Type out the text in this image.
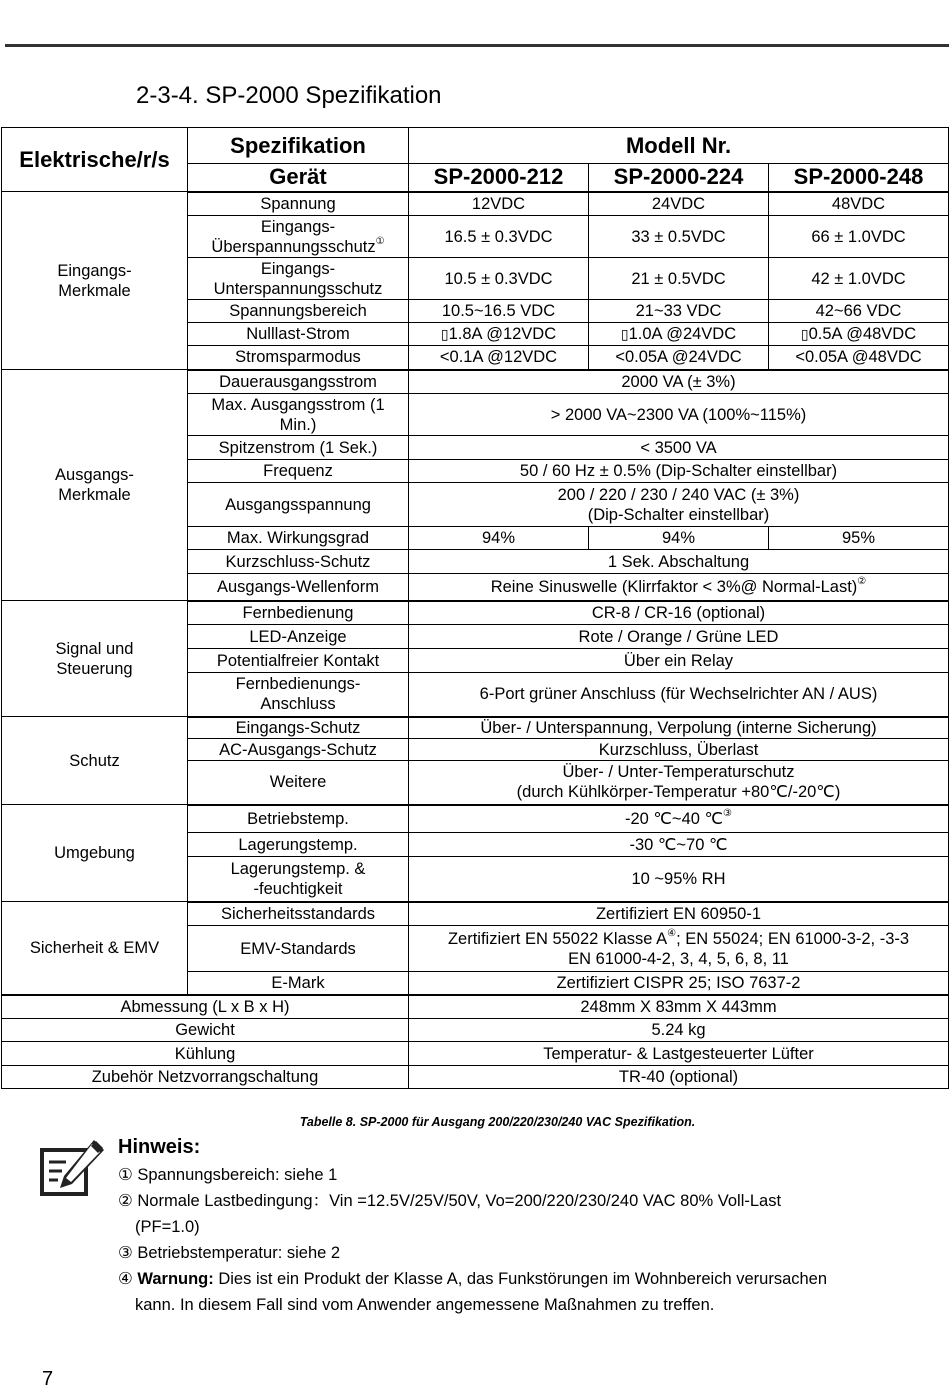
2-3-4. SP-2000 Spezifikation
Elektrische/r/s	Spezifikation	Modell Nr.		
	Gerät	SP-2000-212	SP-2000-224	SP-2000-248
Eingangs-
Merkmale	Spannung	12VDC	24VDC	48VDC
	Eingangs-
Überspannungsschutz①	16.5 ± 0.3VDC	33 ± 0.5VDC	66 ± 1.0VDC
	Eingangs-
Unterspannungsschutz	10.5 ± 0.3VDC	21 ± 0.5VDC	42 ± 1.0VDC
	Spannungsbereich	10.5~16.5 VDC	21~33 VDC	42~66 VDC
	Nulllast-Strom	▯1.8A @12VDC	▯1.0A @24VDC	▯0.5A @48VDC
	Stromsparmodus	<0.1A @12VDC	<0.05A @24VDC	<0.05A @48VDC
Ausgangs-
Merkmale	Dauerausgangsstrom	2000 VA (± 3%)		
	Max. Ausgangsstrom (1
Min.)	> 2000 VA~2300 VA (100%~115%)		
	Spitzenstrom (1 Sek.)	< 3500 VA		
	Frequenz	50 / 60 Hz ± 0.5% (Dip-Schalter einstellbar)		
	Ausgangsspannung	200 / 220 / 230 / 240 VAC (± 3%)
(Dip-Schalter einstellbar)		
	Max. Wirkungsgrad	94%	94%	95%
	Kurzschluss-Schutz	1 Sek. Abschaltung		
	Ausgangs-Wellenform	Reine Sinuswelle (Klirrfaktor < 3%@ Normal-Last)②
Signal und
Steuerung	Fernbedienung	CR-8 / CR-16 (optional)		
	LED-Anzeige	Rote / Orange / Grüne LED		
	Potentialfreier Kontakt	Über ein Relay		
	Fernbedienungs-
Anschluss	6-Port grüner Anschluss (für Wechselrichter AN / AUS)		
Schutz	Eingangs-Schutz	Über- / Unterspannung, Verpolung (interne Sicherung)		
	AC-Ausgangs-Schutz	Kurzschluss, Überlast		
	Weitere	Über- / Unter-Temperaturschutz
(durch Kühlkörper-Temperatur +80℃/-20℃)		
Umgebung	Betriebstemp.	-20 ℃~40 ℃③
	Lagerungstemp.	-30 ℃~70 ℃		
	Lagerungstemp. &
-feuchtigkeit	10 ~95% RH		
Sicherheit & EMV	Sicherheitsstandards	Zertifiziert EN 60950-1		
	EMV-Standards	Zertifiziert EN 55022 Klasse A④; EN 55024; EN 61000-3-2, -3-3
EN 61000-4-2, 3, 4, 5, 6, 8, 11		
	E-Mark	Zertifiziert CISPR 25; ISO 7637-2		
Abmessung (L x B x H)		248mm X 83mm X 443mm		
Gewicht		5.24 kg		
Kühlung		Temperatur- & Lastgesteuerter Lüfter		
Zubehör Netzvorrangschaltung		TR-40 (optional)		
Tabelle 8. SP-2000 für Ausgang 200/220/230/240 VAC Spezifikation.
Hinweis:
① Spannungsbereich: siehe 1
② Normale Lastbedingung：Vin =12.5V/25V/50V, Vo=200/220/230/240 VAC 80% Voll-Last
(PF=1.0)
③ Betriebstemperatur: siehe 2
④ Warnung: Dies ist ein Produkt der Klasse A, das Funkstörungen im Wohnbereich verursachen
kann. In diesem Fall sind vom Anwender angemessene Maßnahmen zu treffen.
7
